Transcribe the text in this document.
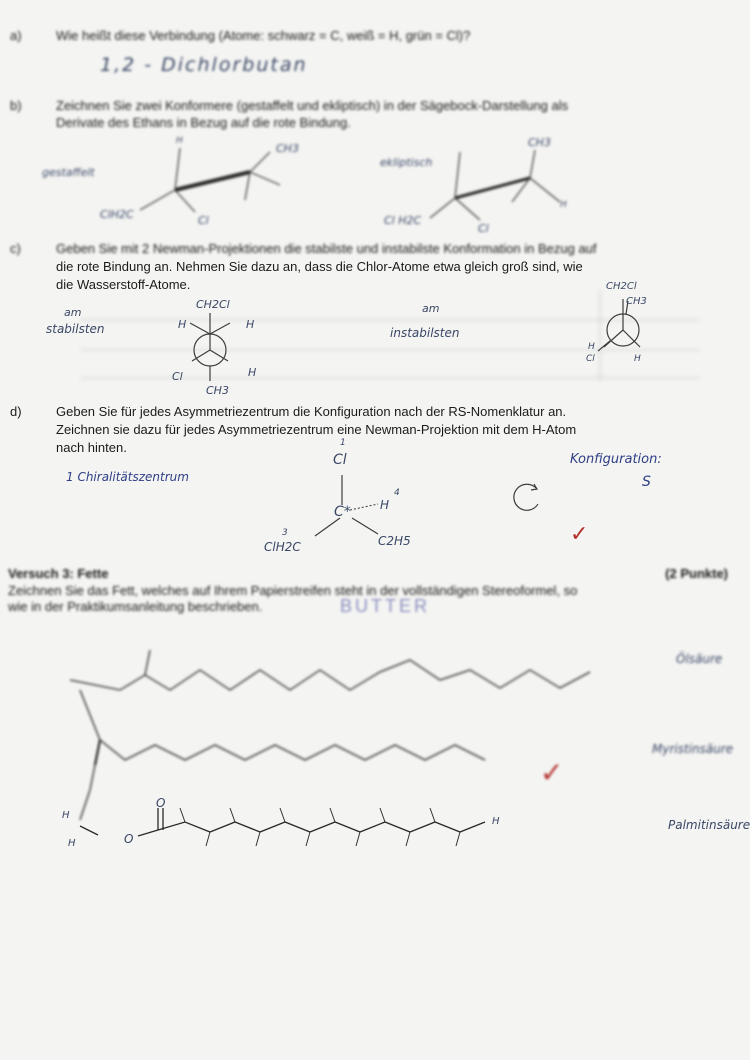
a)	Wie heißt diese Verbindung (Atome: schwarz = C, weiß = H, grün = Cl)?
1,2 - Dichlorbutan
b)	Zeichnen Sie zwei Konformere (gestaffelt und ekliptisch) in der Sägebock-Darstellung als
Derivate des Ethans in Bezug auf die rote Bindung.
gestaffelt
ekliptisch
CH3
ClH2C	Cl
H	CH3
Cl H2C
Cl
H
c)	Geben Sie mit 2 Newman-Projektionen die stabilste und instabilste Konformation in Bezug auf
die rote Bindung an. Nehmen Sie dazu an, dass die Chlor-Atome etwa gleich groß sind, wie
die Wasserstoff-Atome.
am
stabilsten
am
instabilsten
CH2Cl
H	H
Cl
CH3
H
CH2Cl
CH3
H
Cl	H
d)	Geben Sie für jedes Asymmetriezentrum die Konfiguration nach der RS-Nomenklatur an.
Zeichnen sie dazu für jedes Asymmetriezentrum eine Newman-Projektion mit dem H-Atom
nach hinten.
1 Chiralitätszentrum
Konfiguration:
S
✓
Cl
1
C* H
4
3
ClH2C	C2H5
Versuch 3: Fette	(2 Punkte)
Zeichnen Sie das Fett, welches auf Ihrem Papierstreifen steht in der vollständigen Stereoformel, so
wie in der Praktikumsanleitung beschrieben.	BUTTER
Ölsäure
Myristinsäure
✓
O
O
H
H
H	Palmitinsäure
